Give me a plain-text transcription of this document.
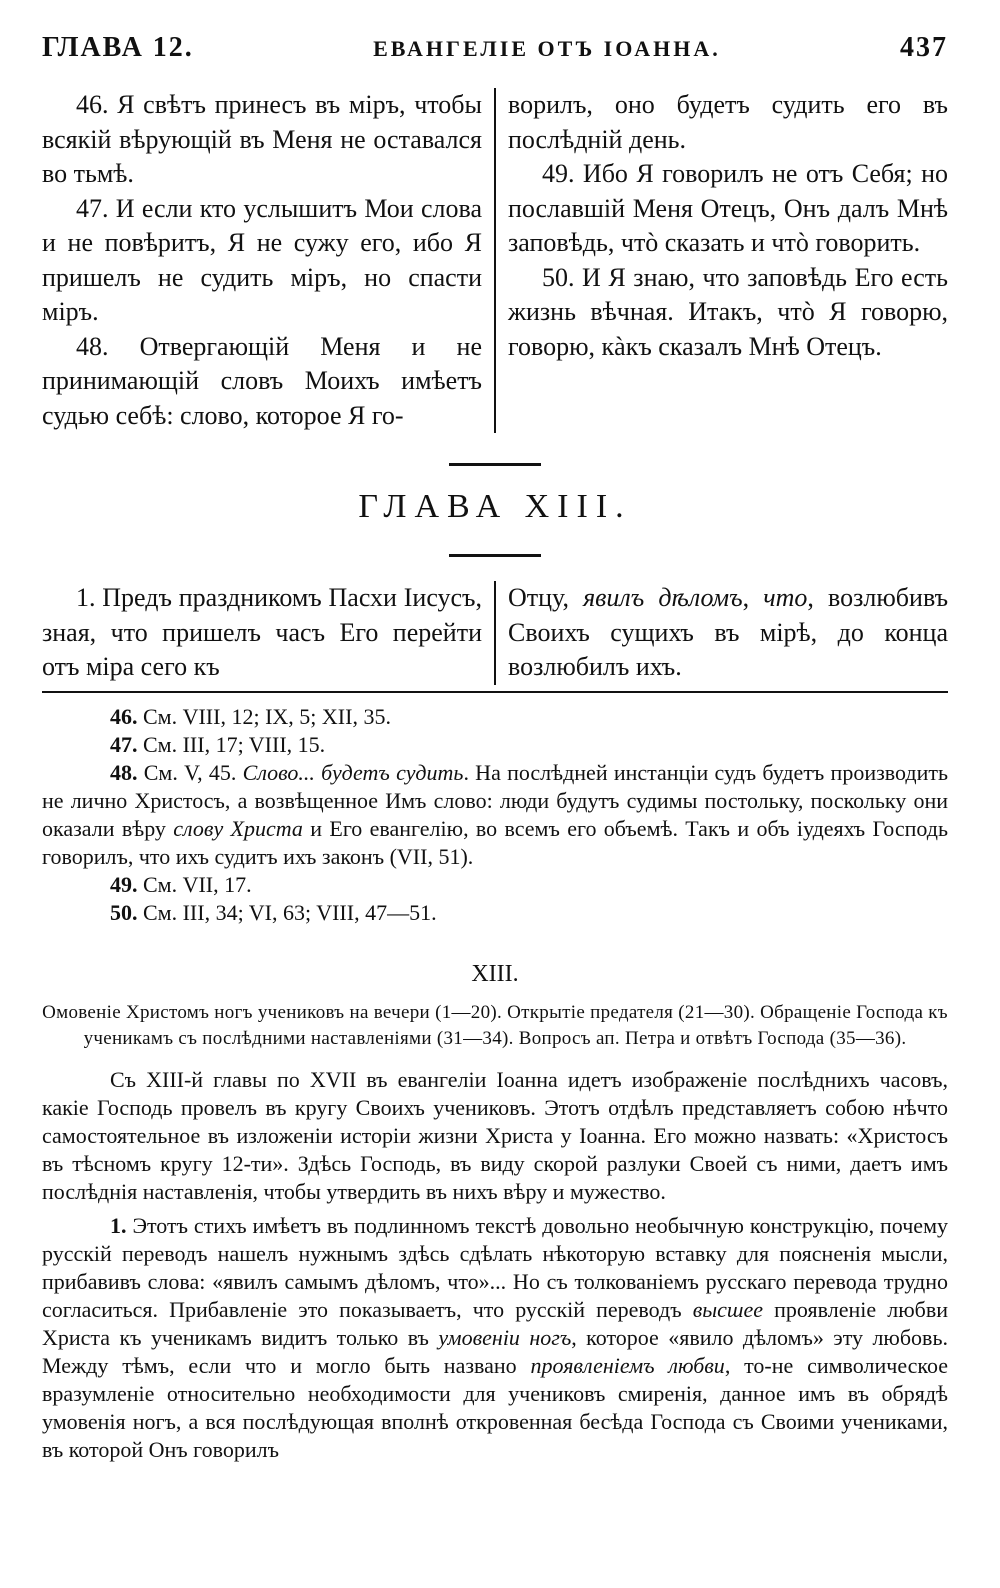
ГЛАВА 12.	ЕВАНГЕЛІЕ ОТЪ ІОАННА.	437

46. Я свѣтъ принесъ въ міръ, чтобы всякій вѣрующій въ Меня не оставался во тьмѣ.

47. И если кто услышитъ Мои слова и не повѣритъ, Я не сужу его, ибо Я пришелъ не судить міръ, но спасти міръ.

48. Отвергающій Меня и не принимающій словъ Моихъ имѣетъ судью себѣ: слово, которое Я го-

ворилъ, оно будетъ судить его въ послѣдній день.

49. Ибо Я говорилъ не отъ Себя; но пославшій Меня Отецъ, Онъ далъ Мнѣ заповѣдь, чтò сказать и чтò говорить.

50. И Я знаю, что заповѣдь Его есть жизнь вѣчная. Итакъ, чтò Я говорю, говорю, кàкъ сказалъ Мнѣ Отецъ.

ГЛАВА XIII.

1. Предъ праздникомъ Пасхи Іисусъ, зная, что пришелъ часъ Его перейти отъ міра сего къ

Отцу, явилъ дѣломъ, что, возлюбивъ Своихъ сущихъ въ мірѣ, до конца возлюбилъ ихъ.

46. См. VIII, 12; IX, 5; XII, 35.

47. См. III, 17; VIII, 15.

48. См. V, 45. Слово... будетъ судить. На послѣдней инстанціи судъ будетъ производить не лично Христосъ, а возвѣщенное Имъ слово: люди будутъ судимы постольку, поскольку они оказали вѣру слову Христа и Его евангелію, во всемъ его объемѣ. Такъ и объ іудеяхъ Господь говорилъ, что ихъ судитъ ихъ законъ (VII, 51).

49. См. VII, 17.

50. См. III, 34; VI, 63; VIII, 47—51.

XIII.
Омовеніе Христомъ ногъ учениковъ на вечери (1—20). Открытіе предателя (21—30). Обращеніе Господа къ ученикамъ съ послѣдними наставленіями (31—34). Вопросъ ап. Петра и отвѣтъ Господа (35—36).

Съ XIII-й главы по XVII въ евангеліи Іоанна идетъ изображеніе послѣднихъ часовъ, какіе Господь провелъ въ кругу Своихъ учениковъ. Этотъ отдѣлъ представляетъ собою нѣчто самостоятельное въ изложеніи исторіи жизни Христа у Іоанна. Его можно назвать: «Христосъ въ тѣсномъ кругу 12-ти». Здѣсь Господь, въ виду скорой разлуки Своей съ ними, даетъ имъ послѣднія наставленія, чтобы утвердить въ нихъ вѣру и мужество.

1. Этотъ стихъ имѣетъ въ подлинномъ текстѣ довольно необычную конструкцію, почему русскій переводъ нашелъ нужнымъ здѣсь сдѣлать нѣкоторую вставку для поясненія мысли, прибавивъ слова: «явилъ самымъ дѣломъ, что»... Но съ толкованіемъ русскаго перевода трудно согласиться. Прибавленіе это показываетъ, что русскій переводъ высшее проявленіе любви Христа къ ученикамъ видитъ только въ умовеніи ногъ, которое «явило дѣломъ» эту любовь. Между тѣмъ, если что и могло быть названо проявленіемъ любви, то-не символическое вразумленіе относительно необходимости для учениковъ смиренія, данное имъ въ обрядѣ умовенія ногъ, а вся послѣдующая вполнѣ откровенная бесѣда Господа съ Своими учениками, въ которой Онъ говорилъ
